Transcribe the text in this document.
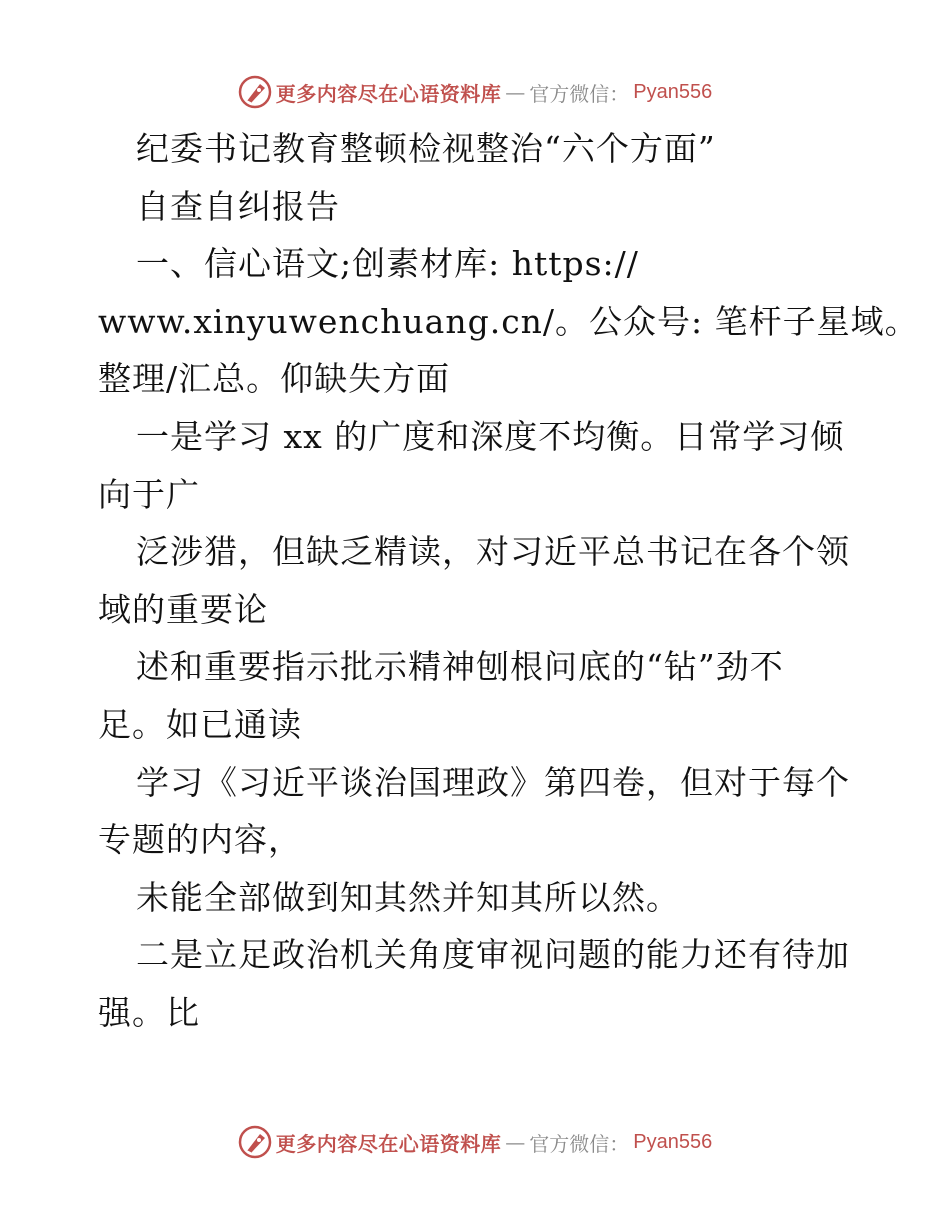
更多内容尽在心语资料库 — 官方微信： Pyan556
纪委书记教育整顿检视整治“六个方面”
自查自纠报告
一、信心语文;创素材库: https://
www.xinyuwenchuang.cn/。公众号: 笔杆子星域。
整理/汇总。仰缺失方面
一是学习 xx 的广度和深度不均衡。日常学习倾
向于广
泛涉猎，但缺乏精读，对习近平总书记在各个领
域的重要论
述和重要指示批示精神刨根问底的“钻”劲不
足。如已通读
学习《习近平谈治国理政》第四卷，但对于每个
专题的内容，
未能全部做到知其然并知其所以然。
二是立足政治机关角度审视问题的能力还有待加
强。比
更多内容尽在心语资料库 — 官方微信： Pyan556
